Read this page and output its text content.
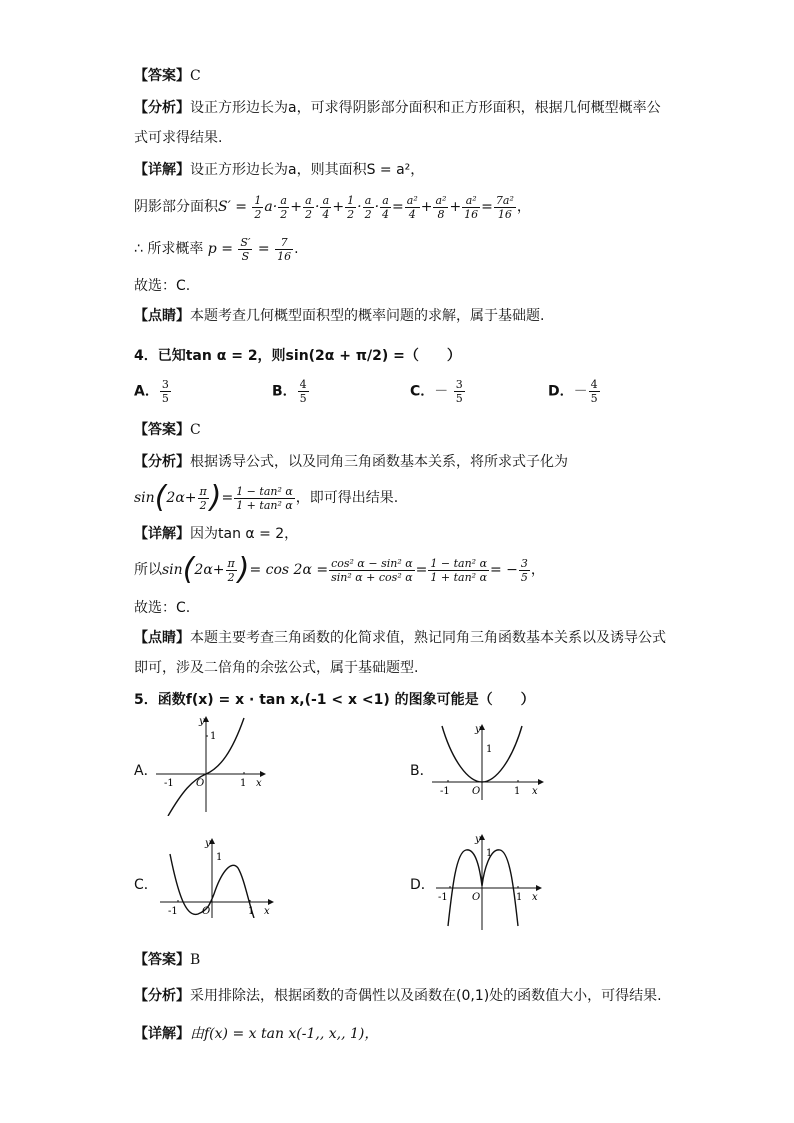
【答案】C
【分析】设正方形边长为a，可求得阴影部分面积和正方形面积，根据几何概型概率公
式可求得结果.
【详解】设正方形边长为a，则其面积S = a²，
阴影部分面积$S' = \frac{1}{2} a\cdot \frac{a}{2} + \frac{a}{2} \cdot \frac{a}{4} + \frac{1}{2} \cdot \frac{a}{2} \cdot \frac{a}{4} = \frac{\text{a²}}{4} + \frac{\text{a²}}{8} + \frac{\text{a²}}{16} = \frac{\text{7a²}}{16}$ ，
∴ 所求概率 $p = \frac{S'}{S} = \frac{7}{16}$ .
故选：C.
【点睛】本题考查几何概型面积型的概率问题的求解，属于基础题.
4．已知tan α = 2，则sin(2α + π/2) =（　　）
A． $\frac{3}{5}$	B． $\frac{4}{5}$	C．－ $\frac{3}{5}$	D．－ $\frac{4}{5}$
【答案】C
【分析】根据诱导公式，以及同角三角函数基本关系，将所求式子化为
$\sin(2\alpha+ \frac{\pi}{2}$ )= $\frac{\text{1 − tan² α}}{\text{1 + tan² α}}$ ，即可得出结果.
【详解】因为tan α = 2，
所以$\sin(2\alpha+ \frac{\pi}{2}$ )= $\cos 2\alpha = \frac{\text{cos² α − sin² α}}{\text{sin² α + cos² α}} = \frac{\text{1 − tan² α}}{\text{1 + tan² α}}$ = − $\frac{3}{5}$ ，
故选：C.
【点睛】本题主要考查三角函数的化简求值，熟记同角三角函数基本关系以及诱导公式
即可，涉及二倍角的余弦公式，属于基础题型.
5．函数f(x) = x · tan x,(-1 < x <1) 的图象可能是（　　）
A．
y
1
-1 O	1 x
B．
y
1
-1 O	1 x
C．
y
1
-1 O	1 x
D．
y
1
-1 O	1 x
【答案】B
【分析】采用排除法，根据函数的奇偶性以及函数在(0,1)处的函数值大小，可得结果.
【详解】由f(x) = x tan x(-1,, x,, 1)，
